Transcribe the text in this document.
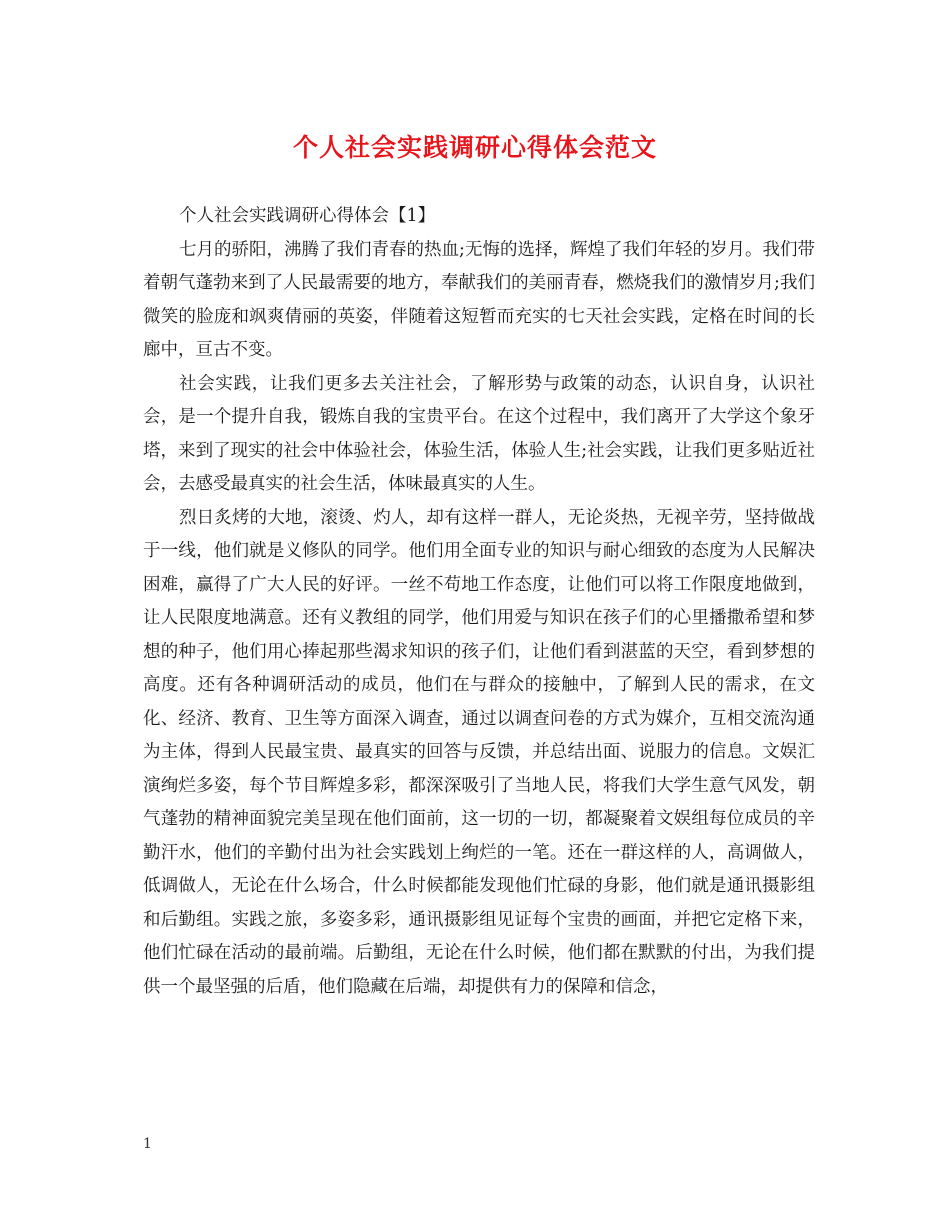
个人社会实践调研心得体会范文

个人社会实践调研心得体会【1】

七月的骄阳，沸腾了我们青春的热血;无悔的选择，辉煌了我们年轻的岁月。我们带着朝气蓬勃来到了人民最需要的地方，奉献我们的美丽青春，燃烧我们的激情岁月;我们微笑的脸庞和飒爽倩丽的英姿，伴随着这短暂而充实的七天社会实践，定格在时间的长廊中，亘古不变。

社会实践，让我们更多去关注社会，了解形势与政策的动态，认识自身，认识社会，是一个提升自我，锻炼自我的宝贵平台。在这个过程中，我们离开了大学这个象牙塔，来到了现实的社会中体验社会，体验生活，体验人生;社会实践，让我们更多贴近社会，去感受最真实的社会生活，体味最真实的人生。

烈日炙烤的大地，滚烫、灼人，却有这样一群人，无论炎热，无视辛劳，坚持做战于一线，他们就是义修队的同学。他们用全面专业的知识与耐心细致的态度为人民解决困难，赢得了广大人民的好评。一丝不苟地工作态度，让他们可以将工作限度地做到，让人民限度地满意。还有义教组的同学，他们用爱与知识在孩子们的心里播撒希望和梦想的种子，他们用心捧起那些渴求知识的孩子们，让他们看到湛蓝的天空，看到梦想的高度。还有各种调研活动的成员，他们在与群众的接触中，了解到人民的需求，在文化、经济、教育、卫生等方面深入调查，通过以调查问卷的方式为媒介，互相交流沟通为主体，得到人民最宝贵、最真实的回答与反馈，并总结出面、说服力的信息。文娱汇演绚烂多姿，每个节目辉煌多彩，都深深吸引了当地人民，将我们大学生意气风发，朝气蓬勃的精神面貌完美呈现在他们面前，这一切的一切，都凝聚着文娱组每位成员的辛勤汗水，他们的辛勤付出为社会实践划上绚烂的一笔。还在一群这样的人，高调做人，低调做人，无论在什么场合，什么时候都能发现他们忙碌的身影，他们就是通讯摄影组和后勤组。实践之旅，多姿多彩，通讯摄影组见证每个宝贵的画面，并把它定格下来，他们忙碌在活动的最前端。后勤组，无论在什么时候，他们都在默默的付出，为我们提供一个最坚强的后盾，他们隐藏在后端，却提供有力的保障和信念，

1
